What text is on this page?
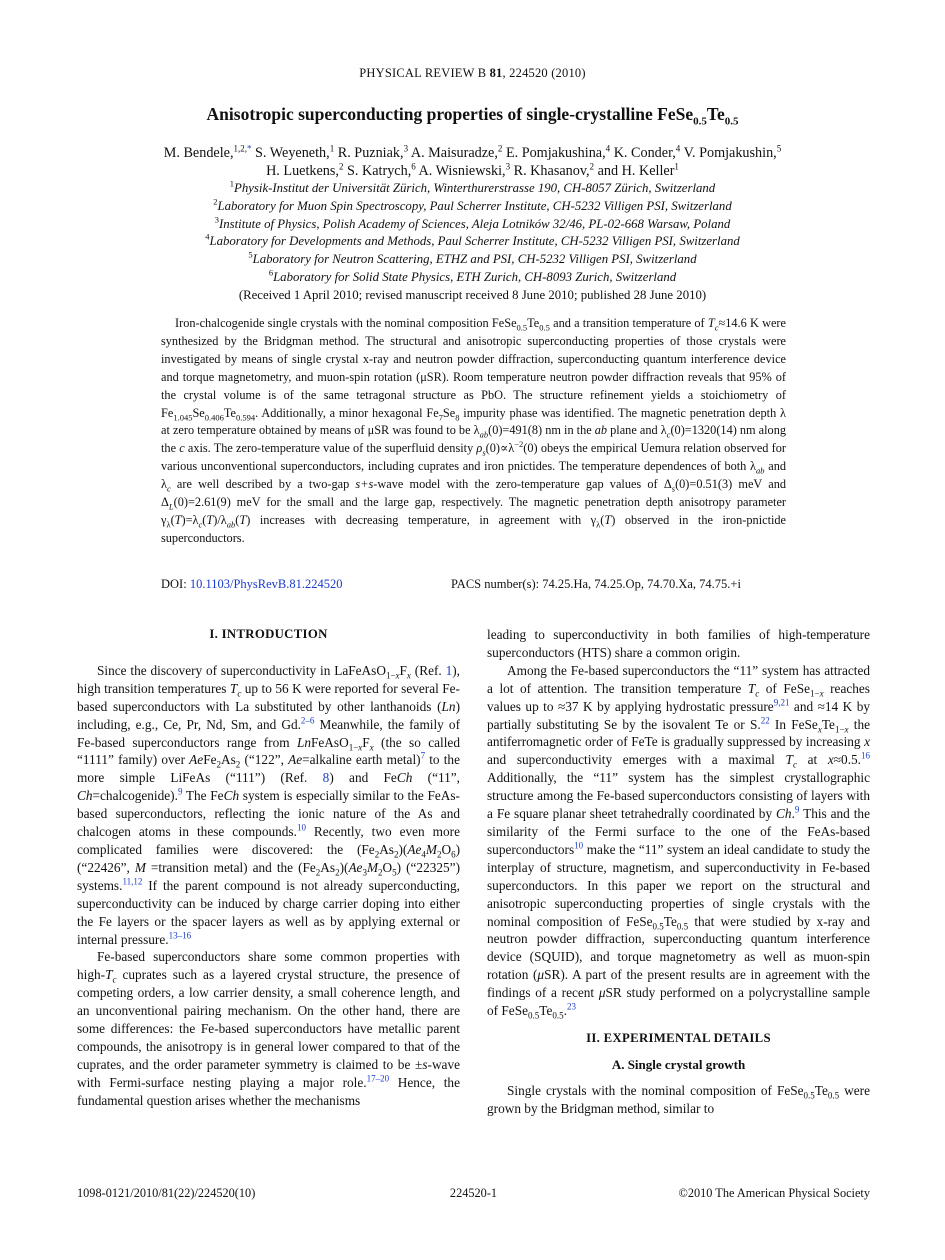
PHYSICAL REVIEW B 81, 224520 (2010)
Anisotropic superconducting properties of single-crystalline $FeSe_{0.5}Te_{0.5}$
M. Bendele,$^{1,2,*}$ S. Weyeneth,$^1$ R. Puzniak,$^3$ A. Maisuradze,$^2$ E. Pomjakushina,$^4$ K. Conder,$^4$ V. Pomjakushin,$^5$
H. Luetkens,$^2$ S. Katrych,$^6$ A. Wisniewski,$^3$ R. Khasanov,$^2$ and H. Keller$^1$
$^1$Physik-Institut der Universität Zürich, Winterthurerstrasse 190, CH-8057 Zürich, Switzerland
$^2$Laboratory for Muon Spin Spectroscopy, Paul Scherrer Institute, CH-5232 Villigen PSI, Switzerland
$^3$Institute of Physics, Polish Academy of Sciences, Aleja Lotników 32/46, PL-02-668 Warsaw, Poland
$^4$Laboratory for Developments and Methods, Paul Scherrer Institute, CH-5232 Villigen PSI, Switzerland
$^5$Laboratory for Neutron Scattering, ETHZ and PSI, CH-5232 Villigen PSI, Switzerland
$^6$Laboratory for Solid State Physics, ETH Zurich, CH-8093 Zurich, Switzerland
(Received 1 April 2010; revised manuscript received 8 June 2010; published 28 June 2010)

Iron-chalcogenide single crystals with the nominal composition $FeSe_{0.5}Te_{0.5}$ and a transition temperature of $T_c\approx 14.6$ K were synthesized by the Bridgman method. The structural and anisotropic superconducting properties of those crystals were investigated by means of single crystal x-ray and neutron powder diffraction, superconducting quantum interference device and torque magnetometry, and muon-spin rotation (μSR). Room temperature neutron powder diffraction reveals that 95% of the crystal volume is of the same tetragonal structure as PbO. The structure refinement yields a stoichiometry of $Fe_{1.045}Se_{0.406}Te_{0.594}$. Additionally, a minor hexagonal $Fe_7Se_8$ impurity phase was identified. The magnetic penetration depth λ at zero temperature obtained by means of μSR was found to be $\lambda_{ab}(0)=491(8)$ nm in the ab plane and $\lambda_c(0)=1320(14)$ nm along the c axis. The zero-temperature value of the superfluid density $\rho_s(0)\propto\lambda^{-2}(0)$ obeys the empirical Uemura relation observed for various unconventional superconductors, including cuprates and iron pnictides. The temperature dependences of both $\lambda_{ab}$ and $\lambda_c$ are well described by a two-gap s+s-wave model with the zero-temperature gap values of $\Delta_s(0)=0.51(3)$ meV and $\Delta_L(0)=2.61(9)$ meV for the small and the large gap, respectively. The magnetic penetration depth anisotropy parameter $\gamma_\lambda(T)=\lambda_c(T)/\lambda_{ab}(T)$ increases with decreasing temperature, in agreement with $\gamma_\lambda(T)$ observed in the iron-pnictide superconductors.

DOI: 10.1103/PhysRevB.81.224520	PACS number(s): 74.25.Ha, 74.25.Op, 74.70.Xa, 74.75.+i
I. INTRODUCTION

Since the discovery of superconductivity in $LaFeAsO_{1-x}F_x$ (Ref. 1), high transition temperatures $T_c$ up to 56 K were reported for several Fe-based superconductors with La substituted by other lanthanoids (Ln) including, e.g., Ce, Pr, Nd, Sm, and Gd.$^{2-6}$ Meanwhile, the family of Fe-based superconductors range from $LnFeAsO_{1-x}F_x$ (the so called “1111” family) over $AeFe_2As_2$ (“122”, Ae=alkaline earth metal)$^7$ to the more simple LiFeAs (“111”) (Ref. 8) and FeCh (“11”, Ch=chalcogenide).$^9$ The FeCh system is especially similar to the FeAs-based superconductors, reflecting the ionic nature of the As and chalcogen atoms in these compounds.$^{10}$ Recently, two even more complicated families were discovered: the $(Fe_2As_2)(Ae_4M_2O_6)$ (“22426”, M =transition metal) and the $(Fe_2As_2)(Ae_3M_2O_5)$ (“22325”) systems.$^{11,12}$ If the parent compound is not already superconducting, superconductivity can be induced by charge carrier doping into either the Fe layers or the spacer layers as well as by applying external or internal pressure.$^{13-16}$

Fe-based superconductors share some common properties with high-$T_c$ cuprates such as a layered crystal structure, the presence of competing orders, a low carrier density, a small coherence length, and an unconventional pairing mechanism. On the other hand, there are some differences: the Fe-based superconductors have metallic parent compounds, the anisotropy is in general lower compared to that of the cuprates, and the order parameter symmetry is claimed to be ±s-wave with Fermi-surface nesting playing a major role.$^{17-20}$ Hence, the fundamental question arises whether the mechanisms

leading to superconductivity in both families of high-temperature superconductors (HTS) share a common origin.

Among the Fe-based superconductors the “11” system has attracted a lot of attention. The transition temperature $T_c$ of FeSe$_{1-x}$ reaches values up to ≈37 K by applying hydrostatic pressure$^{9,21}$ and ≈14 K by partially substituting Se by the isovalent Te or S.$^{22}$ In $FeSe_xTe_{1-x}$ the antiferromagnetic order of FeTe is gradually suppressed by increasing x and superconductivity emerges with a maximal $T_c$ at x≈0.5.16 Additionally, the “11” system has the simplest crystallographic structure among the Fe-based superconductors consisting of layers with a Fe square planar sheet tetrahedrally coordinated by Ch.$^9$ This and the similarity of the Fermi surface to the one of the FeAs-based superconductors$^{10}$ make the “11” system an ideal candidate to study the interplay of structure, magnetism, and superconductivity in Fe-based superconductors. In this paper we report on the structural and anisotropic superconducting properties of single crystals with the nominal composition of $FeSe_{0.5}Te_{0.5}$ that were studied by x-ray and neutron powder diffraction, superconducting quantum interference device (SQUID), and torque magnetometry as well as muon-spin rotation (μSR). A part of the present results are in agreement with the findings of a recent μSR study performed on a polycrystalline sample of $FeSe_{0.5}Te_{0.5}.^{23}$

II. EXPERIMENTAL DETAILS
A. Single crystal growth

Single crystals with the nominal composition of $FeSe_{0.5}Te_{0.5}$ were grown by the Bridgman method, similar to

1098-0121/2010/81(22)/224520(10)	224520-1	©2010 The American Physical Society
